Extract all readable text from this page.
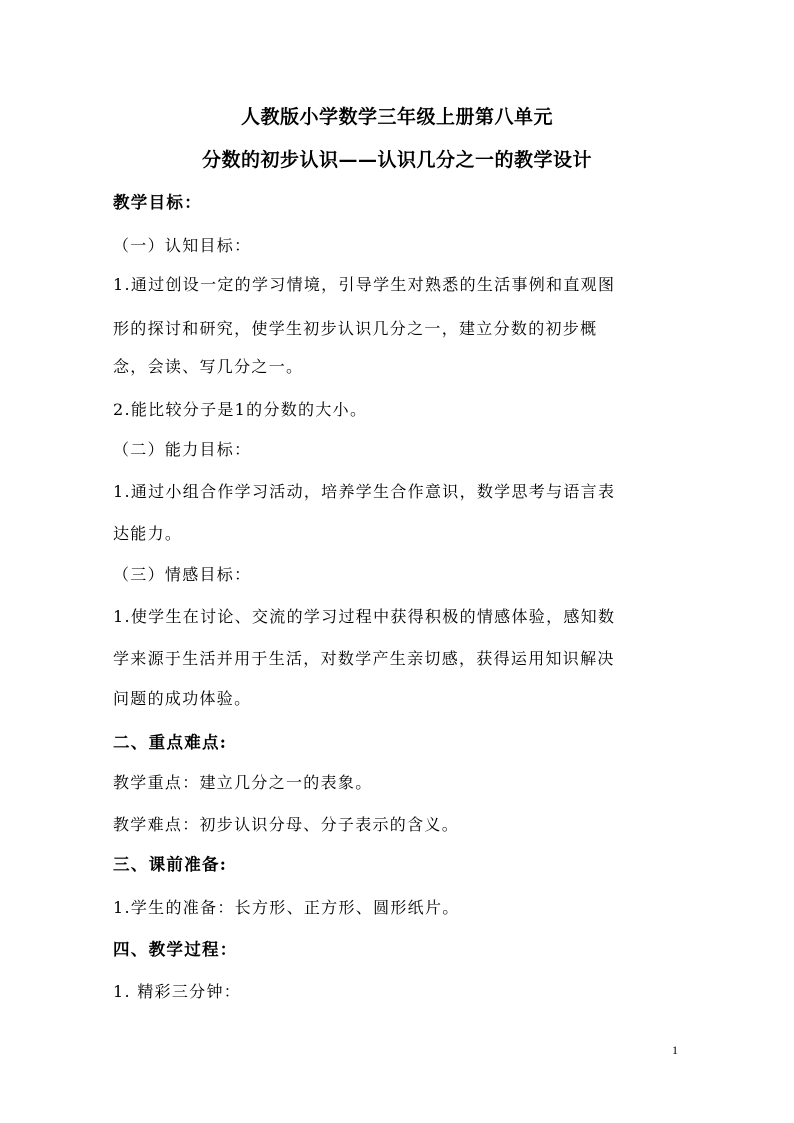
人教版小学数学三年级上册第八单元
分数的初步认识——认识几分之一的教学设计
教学目标：
（一）认知目标：
1.通过创设一定的学习情境，引导学生对熟悉的生活事例和直观图
形的探讨和研究，使学生初步认识几分之一，建立分数的初步概
念，会读、写几分之一。
2.能比较分子是1的分数的大小。
（二）能力目标：
1.通过小组合作学习活动，培养学生合作意识，数学思考与语言表
达能力。
（三）情感目标：
1.使学生在讨论、交流的学习过程中获得积极的情感体验，感知数
学来源于生活并用于生活，对数学产生亲切感，获得运用知识解决
问题的成功体验。
二、重点难点:
教学重点：建立几分之一的表象。
教学难点：初步认识分母、分子表示的含义。
三、课前准备:
1.学生的准备：长方形、正方形、圆形纸片。
四、教学过程：
1. 精彩三分钟：
1
